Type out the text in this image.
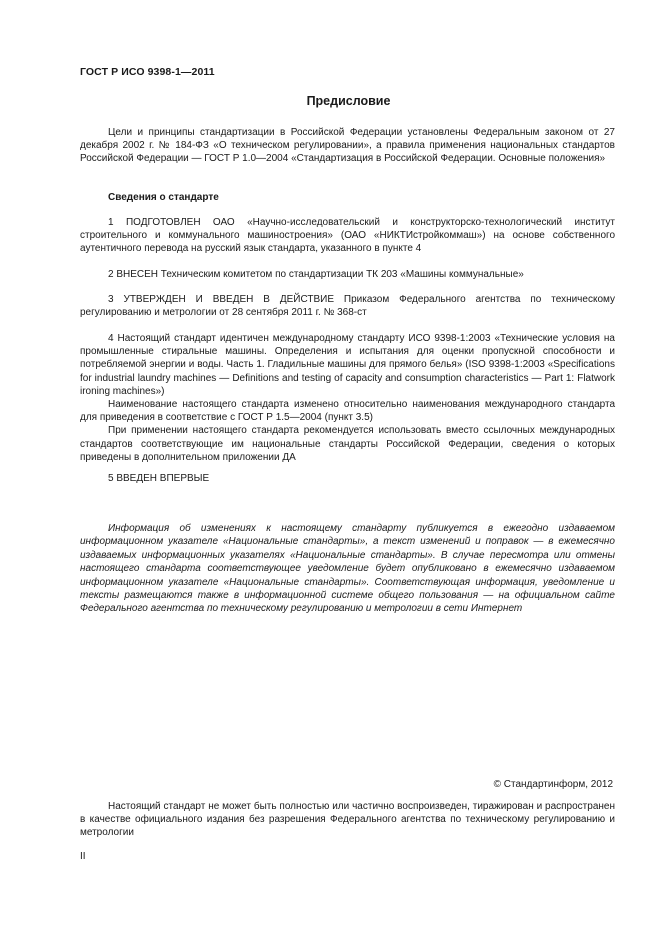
ГОСТ Р ИСО 9398-1—2011
Предисловие

Цели и принципы стандартизации в Российской Федерации установлены Федеральным законом от 27 декабря 2002 г. № 184-ФЗ «О техническом регулировании», а правила применения национальных стандартов Российской Федерации — ГОСТ Р 1.0—2004 «Стандартизация в Российской Федерации. Основные положения»

Сведения о стандарте

1 ПОДГОТОВЛЕН ОАО «Научно-исследовательский и конструкторско-технологический институт строительного и коммунального машиностроения» (ОАО «НИКТИстройкоммаш») на основе собственного аутентичного перевода на русский язык стандарта, указанного в пункте 4

2 ВНЕСЕН Техническим комитетом по стандартизации ТК 203 «Машины коммунальные»

3 УТВЕРЖДЕН И ВВЕДЕН В ДЕЙСТВИЕ Приказом Федерального агентства по техническому регулированию и метрологии от 28 сентября 2011 г. № 368-ст

4 Настоящий стандарт идентичен международному стандарту ИСО 9398-1:2003 «Технические условия на промышленные стиральные машины. Определения и испытания для оценки пропускной способности и потребляемой энергии и воды. Часть 1. Гладильные машины для прямого белья» (ISO 9398-1:2003 «Specifications for industrial laundry machines — Definitions and testing of capacity and consumption characteristics — Part 1: Flatwork ironing machines»)

Наименование настоящего стандарта изменено относительно наименования международного стандарта для приведения в соответствие с ГОСТ Р 1.5—2004 (пункт 3.5)

При применении настоящего стандарта рекомендуется использовать вместо ссылочных международных стандартов соответствующие им национальные стандарты Российской Федерации, сведения о которых приведены в дополнительном приложении ДА

5 ВВЕДЕН ВПЕРВЫЕ

Информация об изменениях к настоящему стандарту публикуется в ежегодно издаваемом информационном указателе «Национальные стандарты», а текст изменений и поправок — в ежемесячно издаваемых информационных указателях «Национальные стандарты». В случае пересмотра или отмены настоящего стандарта соответствующее уведомление будет опубликовано в ежемесячно издаваемом информационном указателе «Национальные стандарты». Соответствующая информация, уведомление и тексты размещаются также в информационной системе общего пользования — на официальном сайте Федерального агентства по техническому регулированию и метрологии в сети Интернет

© Стандартинформ, 2012

Настоящий стандарт не может быть полностью или частично воспроизведен, тиражирован и распространен в качестве официального издания без разрешения Федерального агентства по техническому регулированию и метрологии

II
